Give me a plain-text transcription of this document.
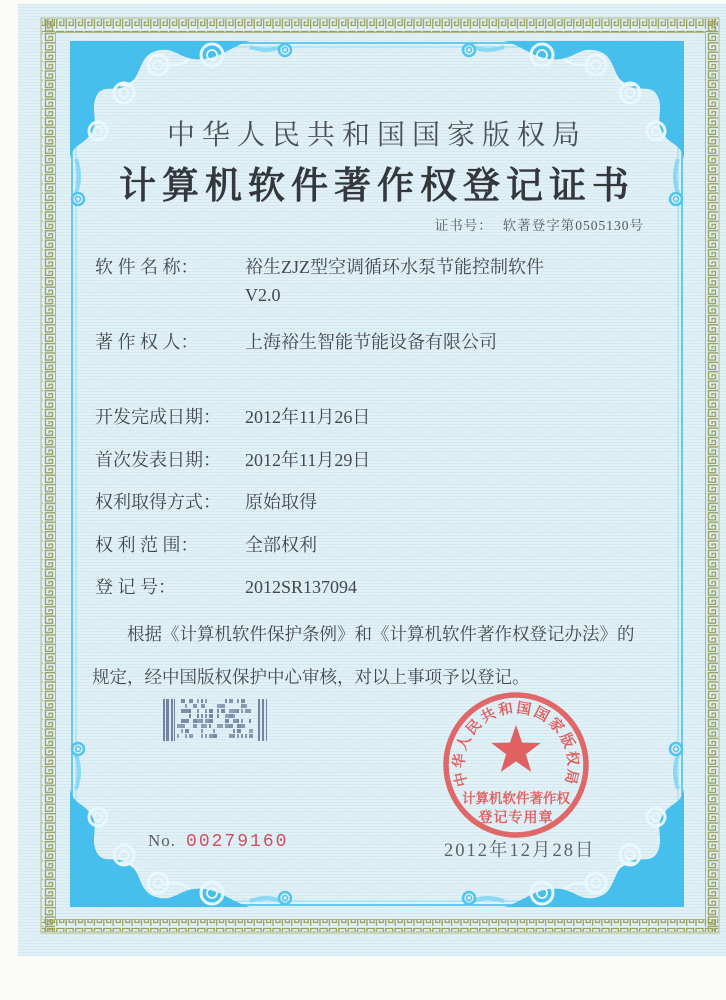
中华人民共和国国家版权局
计算机软件著作权登记证书
证书号： 软著登字第0505130号
软 件 名 称：	裕生ZJZ型空调循环水泵节能控制软件
V2.0
著 作 权 人：	上海裕生智能节能设备有限公司
开发完成日期：	2012年11月26日
首次发表日期：	2012年11月29日
权利取得方式：	原始取得
权 利 范 围：	全部权利
登 记 号：	2012SR137094
根据《计算机软件保护条例》和《计算机软件著作权登记办法》的
规定，经中国版权保护中心审核，对以上事项予以登记。
中华人民共和国国家版权局
计算机软件著作权
登记专用章
No. 00279160	2012年12月28日
